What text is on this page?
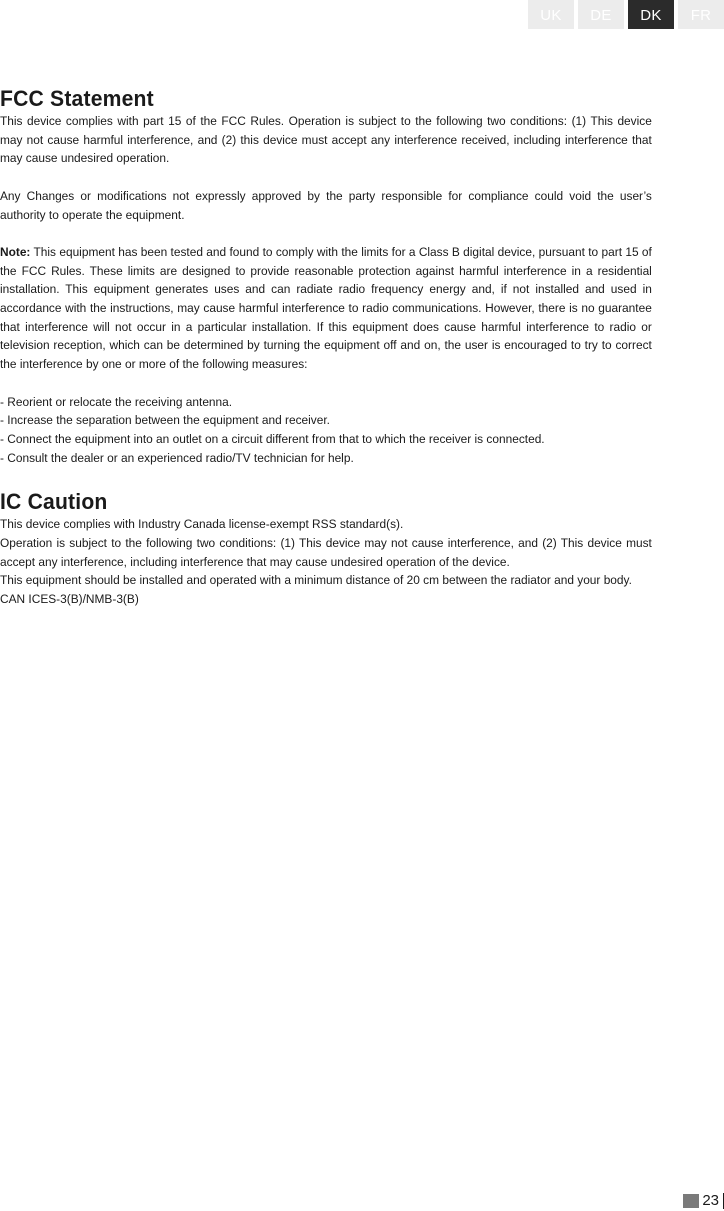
UK	DE	DK	FR
FCC Statement

This device complies with part 15 of the FCC Rules. Operation is subject to the following two conditions: (1) This device may not cause harmful interference, and (2) this device must accept any interference received, including interference that may cause undesired operation.

Any Changes or modifications not expressly approved by the party responsible for compliance could void the user’s authority to operate the equipment.

Note: This equipment has been tested and found to comply with the limits for a Class B digital device, pursuant to part 15 of the FCC Rules. These limits are designed to provide reasonable protection against harmful interference in a residential installation. This equipment generates uses and can radiate radio frequency energy and, if not installed and used in accordance with the instructions, may cause harmful interference to radio communications. However, there is no guarantee that interference will not occur in a particular installation. If this equipment does cause harmful interference to radio or television reception, which can be determined by turning the equipment off and on, the user is encouraged to try to correct the interference by one or more of the following measures:

- Reorient or relocate the receiving antenna.

- Increase the separation between the equipment and receiver.

- Connect the equipment into an outlet on a circuit different from that to which the receiver is connected.

- Consult the dealer or an experienced radio/TV technician for help.

IC Caution

This device complies with Industry Canada license-exempt RSS standard(s).

Operation is subject to the following two conditions: (1) This device may not cause interference, and (2) This device must accept any interference, including interference that may cause undesired operation of the device.

This equipment should be installed and operated with a minimum distance of 20 cm between the radiator and your body.

CAN ICES-3(B)/NMB-3(B)

23
